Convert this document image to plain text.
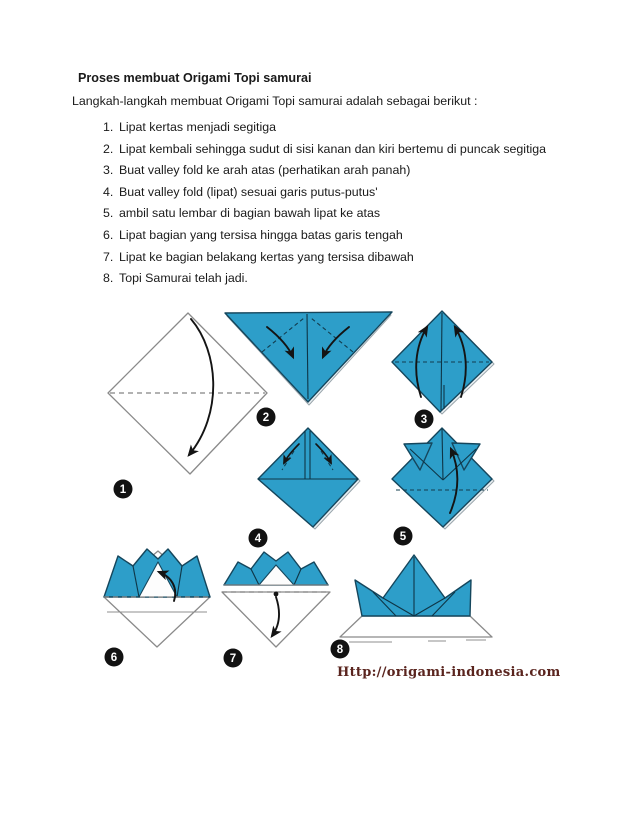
Proses membuat Origami Topi samurai

Langkah-langkah membuat Origami Topi samurai adalah sebagai berikut :

1. Lipat kertas menjadi segitiga
2. Lipat kembali sehingga sudut di sisi kanan dan kiri bertemu di puncak segitiga
3. Buat valley fold ke arah atas (perhatikan arah panah)
4. Buat valley fold (lipat) sesuai garis putus-putus'
5. ambil satu lembar di bagian bawah lipat ke atas
6. Lipat bagian yang tersisa hingga batas garis tengah
7. Lipat ke bagian belakang kertas yang tersisa dibawah
8. Topi Samurai telah jadi.
1
2	3
4	5
6	7
8
Http://origami-indonesia.com
